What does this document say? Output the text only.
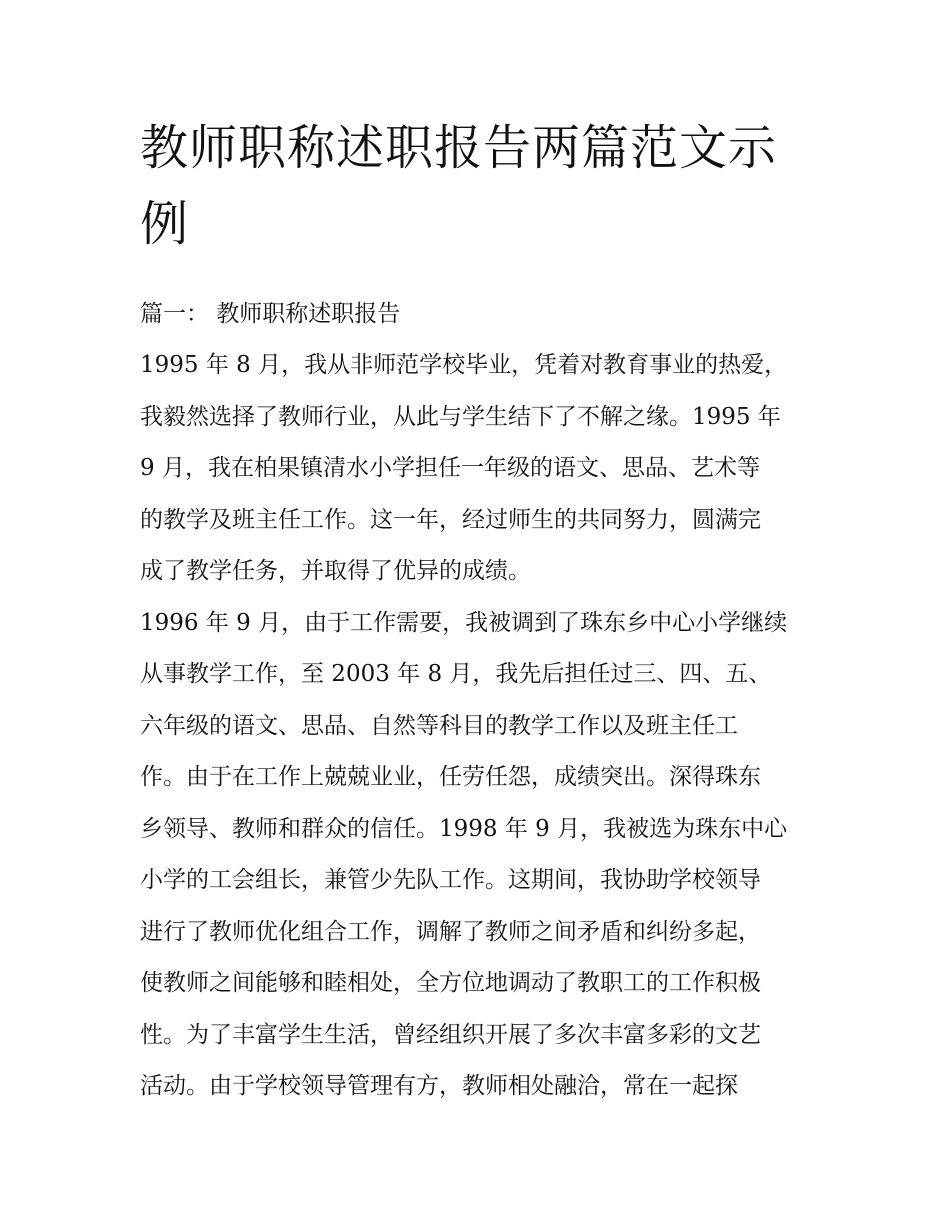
教师职称述职报告两篇范文示
例
篇一： 教师职称述职报告
1995 年 8 月，我从非师范学校毕业，凭着对教育事业的热爱，
我毅然选择了教师行业，从此与学生结下了不解之缘。1995 年
9 月，我在柏果镇清水小学担任一年级的语文、思品、艺术等
的教学及班主任工作。这一年，经过师生的共同努力，圆满完
成了教学任务，并取得了优异的成绩。
1996 年 9 月，由于工作需要，我被调到了珠东乡中心小学继续
从事教学工作，至 2003 年 8 月，我先后担任过三、四、五、
六年级的语文、思品、自然等科目的教学工作以及班主任工
作。由于在工作上兢兢业业，任劳任怨，成绩突出。深得珠东
乡领导、教师和群众的信任。1998 年 9 月，我被选为珠东中心
小学的工会组长，兼管少先队工作。这期间，我协助学校领导
进行了教师优化组合工作，调解了教师之间矛盾和纠纷多起，
使教师之间能够和睦相处，全方位地调动了教职工的工作积极
性。为了丰富学生生活，曾经组织开展了多次丰富多彩的文艺
活动。由于学校领导管理有方，教师相处融洽，常在一起探
